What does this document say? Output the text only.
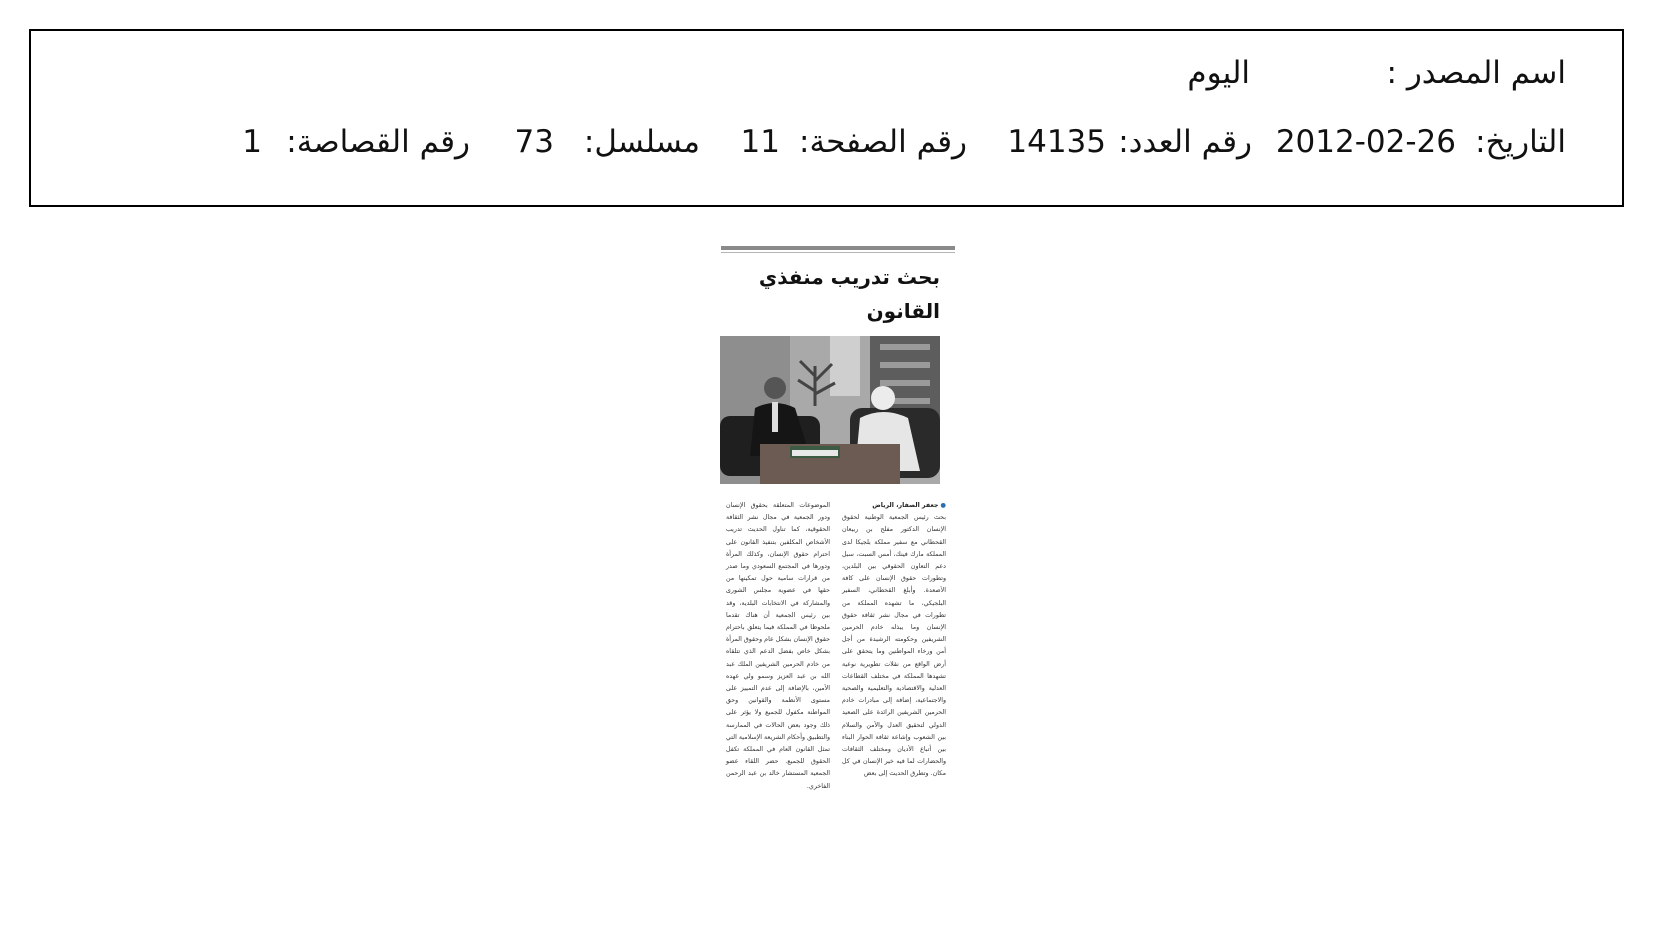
اسم المصدر :
اليوم
التاريخ:
2012-02-26
رقم العدد:
14135
رقم الصفحة:
11
مسلسل:
73
رقم القصاصة:
1
بحث تدريب منفذي القانون
● جعفر الصفار، الرياض
بحث رئيس الجمعية الوطنية لحقوق الإنسان الدكتور مفلح بن ربيعان القحطاني مع سفير مملكة بلجيكا لدى المملكة مارك فينك، أمس السبت، سبل دعم التعاون الحقوقي بين البلدين، وتطورات حقوق الإنسان على كافة الأصعدة. وأبلغ القحطاني، السفير البلجيكي، ما تشهده المملكة من تطورات في مجال نشر ثقافة حقوق الإنسان وما يبذله خادم الحرمين الشريفين وحكومته الرشيدة من أجل أمن ورخاء المواطنين وما يتحقق على أرض الواقع من نقلات تطويرية نوعية تشهدها المملكة في مختلف القطاعات العدلية والاقتصادية والتعليمية والصحية والاجتماعية، إضافة إلى مبادرات خادم الحرمين الشريفين الرائدة على الصعيد الدولي لتحقيق العدل والأمن والسلام بين الشعوب وإشاعة ثقافة الحوار البناء بين أتباع الأديان ومختلف الثقافات والحضارات لما فيه خير الإنسان في كل مكان. وتطرق الحديث إلى بعض
الموضوعات المتعلقة بحقوق الإنسان ودور الجمعية في مجال نشر الثقافة الحقوقية، كما تناول الحديث تدريب الأشخاص المكلفين بتنفيذ القانون على احترام حقوق الإنسان، وكذلك المرأة ودورها في المجتمع السعودي وما صدر من قرارات سامية حول تمكينها من حقها في عضوية مجلس الشورى والمشاركة في الانتخابات البلدية، وقد بين رئيس الجمعية أن هناك تقدما ملحوظا في المملكة فيما يتعلق باحترام حقوق الإنسان بشكل عام وحقوق المرأة بشكل خاص بفضل الدعم الذي تتلقاه من خادم الحرمين الشريفين الملك عبد الله بن عبد العزيز وسمو ولي عهده الأمين، بالإضافة إلى عدم التمييز على مستوى الأنظمة والقوانين وحق المواطنة مكفول للجميع ولا يؤثر على ذلك وجود بعض الحالات في الممارسة والتطبيق وأحكام الشريعة الإسلامية التي تمثل القانون العام في المملكة تكفل الحقوق للجميع. حضر اللقاء عضو الجمعية المستشار خالد بن عبد الرحمن الفاخري.
